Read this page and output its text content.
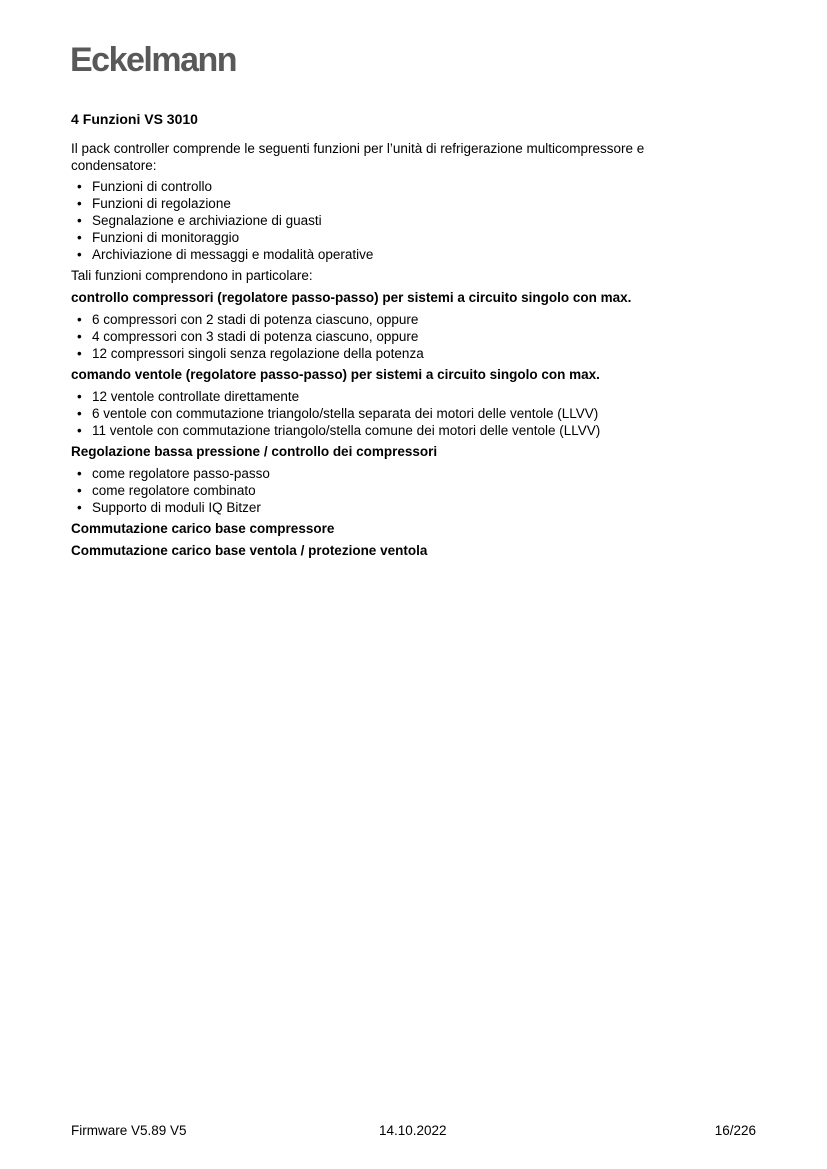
Eckelmann
4 Funzioni VS 3010

Il pack controller comprende le seguenti funzioni per l’unità di refrigerazione multicompressore e condensatore:

• Funzioni di controllo
• Funzioni di regolazione
• Segnalazione e archiviazione di guasti
• Funzioni di monitoraggio
• Archiviazione di messaggi e modalità operative

Tali funzioni comprendono in particolare:

controllo compressori (regolatore passo-passo) per sistemi a circuito singolo con max.

• 6 compressori con 2 stadi di potenza ciascuno, oppure
• 4 compressori con 3 stadi di potenza ciascuno, oppure
• 12 compressori singoli senza regolazione della potenza

comando ventole (regolatore passo-passo) per sistemi a circuito singolo con max.

• 12 ventole controllate direttamente
• 6 ventole con commutazione triangolo/stella separata dei motori delle ventole (LLVV)
• 11 ventole con commutazione triangolo/stella comune dei motori delle ventole (LLVV)

Regolazione bassa pressione / controllo dei compressori

• come regolatore passo-passo
• come regolatore combinato
• Supporto di moduli IQ Bitzer

Commutazione carico base compressore

Commutazione carico base ventola / protezione ventola

Firmware V5.89 V5	14.10.2022	16/226
